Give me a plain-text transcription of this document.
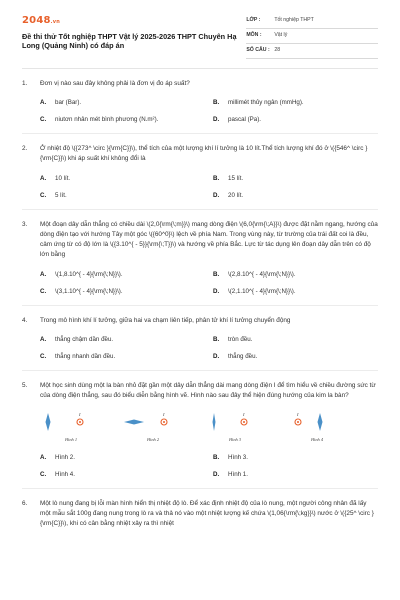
2048.vn
Đề thi thử Tốt nghiệp THPT Vật lý 2025-2026 THPT Chuyên Hạ Long (Quảng Ninh) có đáp án
LỚP :	Tốt nghiệp THPT
MÔN :	Vật lý
SỐ CÂU : 28
1.	Đơn vị nào sau đây không phải là đơn vị đo áp suất?
A.	bar (Bar).	B.	millimét thủy ngân (mmHg).
C.	niutơn nhân mét bình phương (N.m²).	D.	pascal (Pa).
2.	Ở nhiệt độ \({273^ \circ }{\rm{C}}\), thể tích của một lượng khí lí tưởng là 10 lít.Thể tích lượng khí đó ở \({546^ \circ }{\rm{C}}\) khi áp suất khí không đổi là
A.	10 lít.	B.	15 lít.
C.	5 lít.	D.	20 lít.
3.	Một đoạn dây dẫn thẳng có chiều dài \(2,0{\rm{\;m}}\) mang dòng điện \(6,0{\rm{\;A}}\) được đặt nằm ngang, hướng của dòng điện tạo với hướng Tây một góc \({60^0}\) lệch về phía Nam. Trong vùng này, từ trường của trái đất coi là đều, cảm ứng từ có độ lớn là \({3.10^{ - 5}}{\rm{\;T}}\) và hướng về phía Bắc. Lực từ tác dụng lên đoạn dây dẫn trên có độ lớn bằng
A.	\(1,8.10^{ - 4}{\rm{\;N}}\).	B.	\(2,8.10^{ - 4}{\rm{\;N}}\).
C.	\(3,1.10^{ - 4}{\rm{\;N}}\).	D.	\(2,1.10^{ - 4}{\rm{\;N}}\).
4.	Trong mô hình khí lí tưởng, giữa hai va chạm liên tiếp, phân tử khí lí tưởng chuyển động
A.	thẳng chậm dần đều.	B.	tròn đều.
C.	thẳng nhanh dần đều.	D.	thẳng đều.
5.	Một học sinh dùng một la bàn nhỏ đặt gần một dây dẫn thẳng dài mang dòng điện I để tìm hiểu về chiều đường sức từ của dòng điện thẳng, sau đó biểu diễn bằng hình vẽ. Hình nào sau đây thể hiện đúng hướng của kim la bàn?
I
Hình 1
I
Hình 2
I
Hình 3
I
Hình 4
A.	Hình 2.	B.	Hình 3.
C.	Hình 4.	D.	Hình 1.
6.	Một lò nung đang bị lỗi màn hình hiển thị nhiệt độ lò. Để xác định nhiệt độ của lò nung, một người công nhân đã lấy một mẫu sắt 100g đang nung trong lò ra và thả nó vào một nhiệt lượng kế chứa \(1,06{\rm{\;kg}}\) nước ở \({25^ \circ }{\rm{C}}\), khi có cân bằng nhiệt xảy ra thì nhiệt
